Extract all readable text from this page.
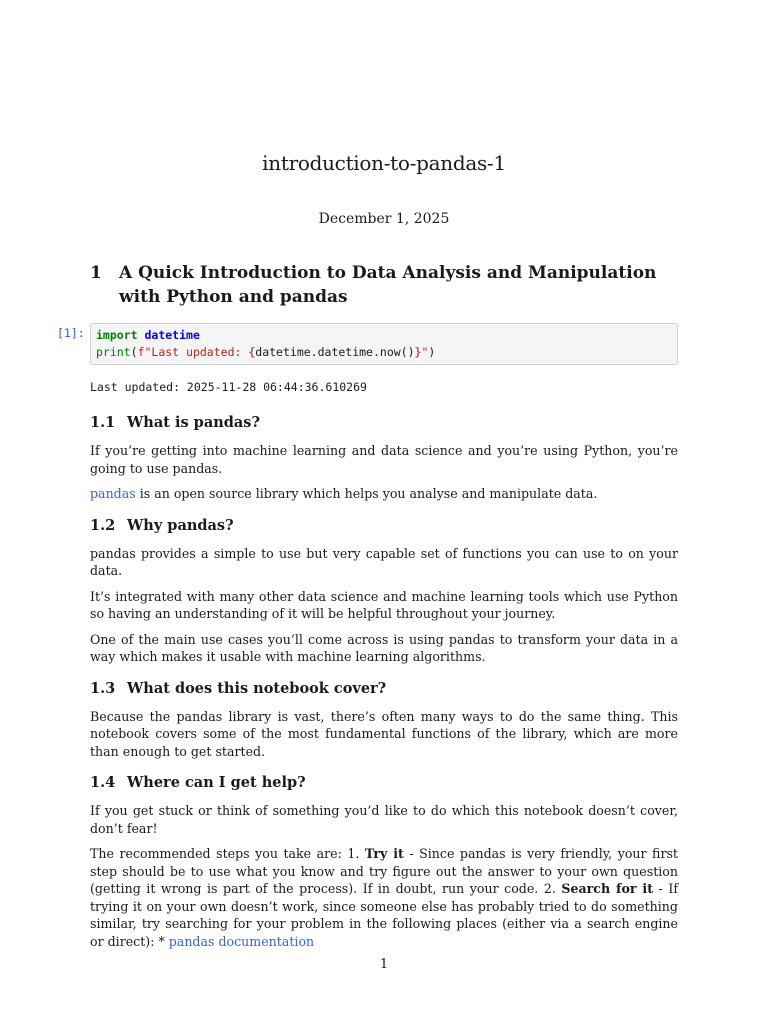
introduction-to-pandas-1
December 1, 2025
1	A Quick Introduction to Data Analysis and Manipulation with Python and pandas
[1]: import datetime
print(f"Last updated: {datetime.datetime.now()}")
Last updated: 2025-11-28 06:44:36.610269
1.1 What is pandas?

If you’re getting into machine learning and data science and you’re using Python, you’re going to use pandas.

pandas is an open source library which helps you analyse and manipulate data.

1.2 Why pandas?

pandas provides a simple to use but very capable set of functions you can use to on your data.

It’s integrated with many other data science and machine learning tools which use Python so having an understanding of it will be helpful throughout your journey.

One of the main use cases you’ll come across is using pandas to transform your data in a way which makes it usable with machine learning algorithms.

1.3 What does this notebook cover?

Because the pandas library is vast, there’s often many ways to do the same thing. This notebook covers some of the most fundamental functions of the library, which are more than enough to get started.

1.4 Where can I get help?

If you get stuck or think of something you’d like to do which this notebook doesn’t cover, don’t fear!

The recommended steps you take are: 1. Try it - Since pandas is very friendly, your first step should be to use what you know and try figure out the answer to your own question (getting it wrong is part of the process). If in doubt, run your code. 2. Search for it - If trying it on your own doesn’t work, since someone else has probably tried to do something similar, try searching for your problem in the following places (either via a search engine or direct): * pandas documentation

1
